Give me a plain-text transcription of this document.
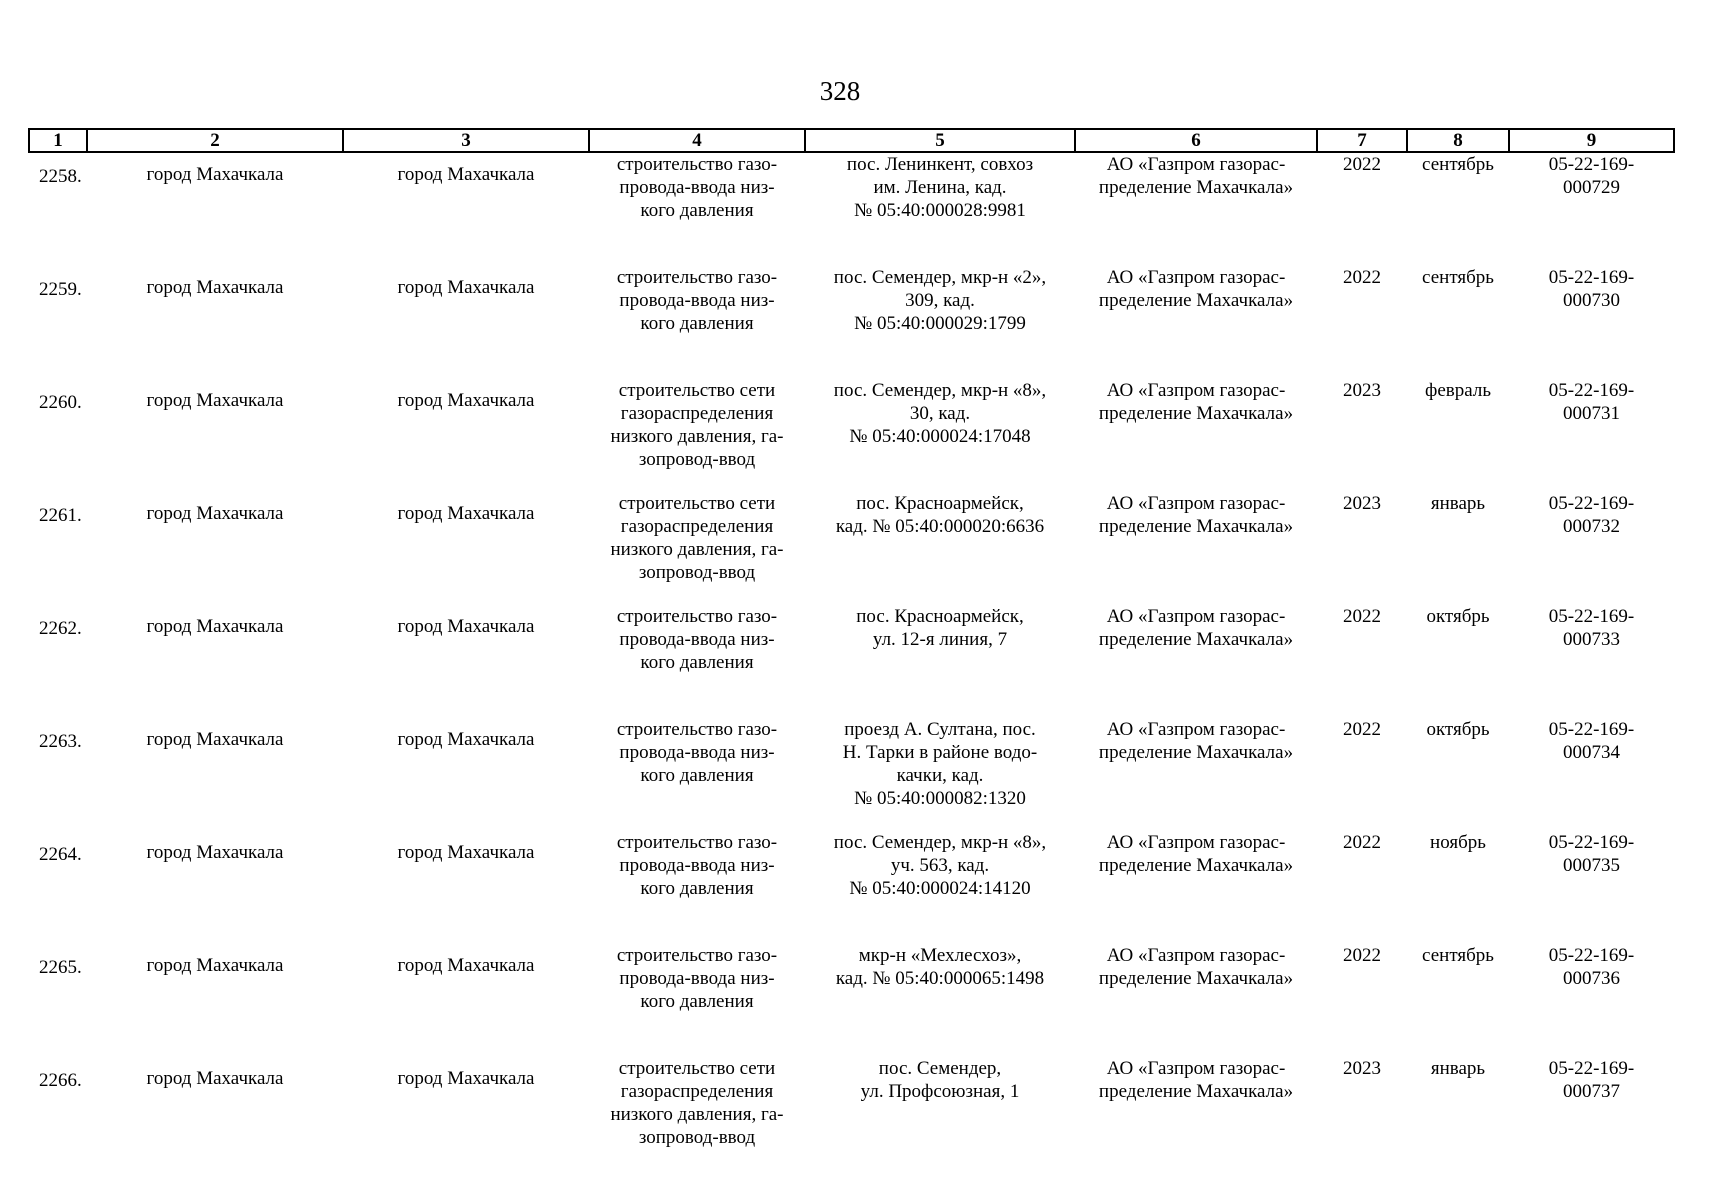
328
1	2	3	4	5	6	7	8	9
2258.	город Махачкала	город Махачкала	строительство газо-
провода-ввода низ-
кого давления	пос. Ленинкент, совхоз
им. Ленина, кад.
№ 05:40:000028:9981	АО «Газпром газорас-
пределение Махачкала»	2022	сентябрь	05-22-169-
000729

2259.	город Махачкала	город Махачкала	строительство газо-
провода-ввода низ-
кого давления	пос. Семендер, мкр-н «2»,
309, кад.
№ 05:40:000029:1799	АО «Газпром газорас-
пределение Махачкала»	2022	сентябрь	05-22-169-
000730

2260.	город Махачкала	город Махачкала	строительство сети
газораспределения
низкого давления, га-
зопровод-ввод	пос. Семендер, мкр-н «8»,
30, кад.
№ 05:40:000024:17048	АО «Газпром газорас-
пределение Махачкала»	2023	февраль	05-22-169-
000731

2261.	город Махачкала	город Махачкала	строительство сети
газораспределения
низкого давления, га-
зопровод-ввод	пос. Красноармейск,
кад. № 05:40:000020:6636	АО «Газпром газорас-
пределение Махачкала»	2023	январь	05-22-169-
000732

2262.	город Махачкала	город Махачкала	строительство газо-
провода-ввода низ-
кого давления	пос. Красноармейск,
ул. 12-я линия, 7	АО «Газпром газорас-
пределение Махачкала»	2022	октябрь	05-22-169-
000733

2263.	город Махачкала	город Махачкала	строительство газо-
провода-ввода низ-
кого давления	проезд А. Султана, пос.
Н. Тарки в районе водо-
качки, кад.
№ 05:40:000082:1320	АО «Газпром газорас-
пределение Махачкала»	2022	октябрь	05-22-169-
000734

2264.	город Махачкала	город Махачкала	строительство газо-
провода-ввода низ-
кого давления	пос. Семендер, мкр-н «8»,
уч. 563, кад.
№ 05:40:000024:14120	АО «Газпром газорас-
пределение Махачкала»	2022	ноябрь	05-22-169-
000735

2265.	город Махачкала	город Махачкала	строительство газо-
провода-ввода низ-
кого давления	мкр-н «Мехлесхоз»,
кад. № 05:40:000065:1498	АО «Газпром газорас-
пределение Махачкала»	2022	сентябрь	05-22-169-
000736

2266.	город Махачкала	город Махачкала	строительство сети
газораспределения
низкого давления, га-
зопровод-ввод	пос. Семендер,
ул. Профсоюзная, 1	АО «Газпром газорас-
пределение Махачкала»	2023	январь	05-22-169-
000737
